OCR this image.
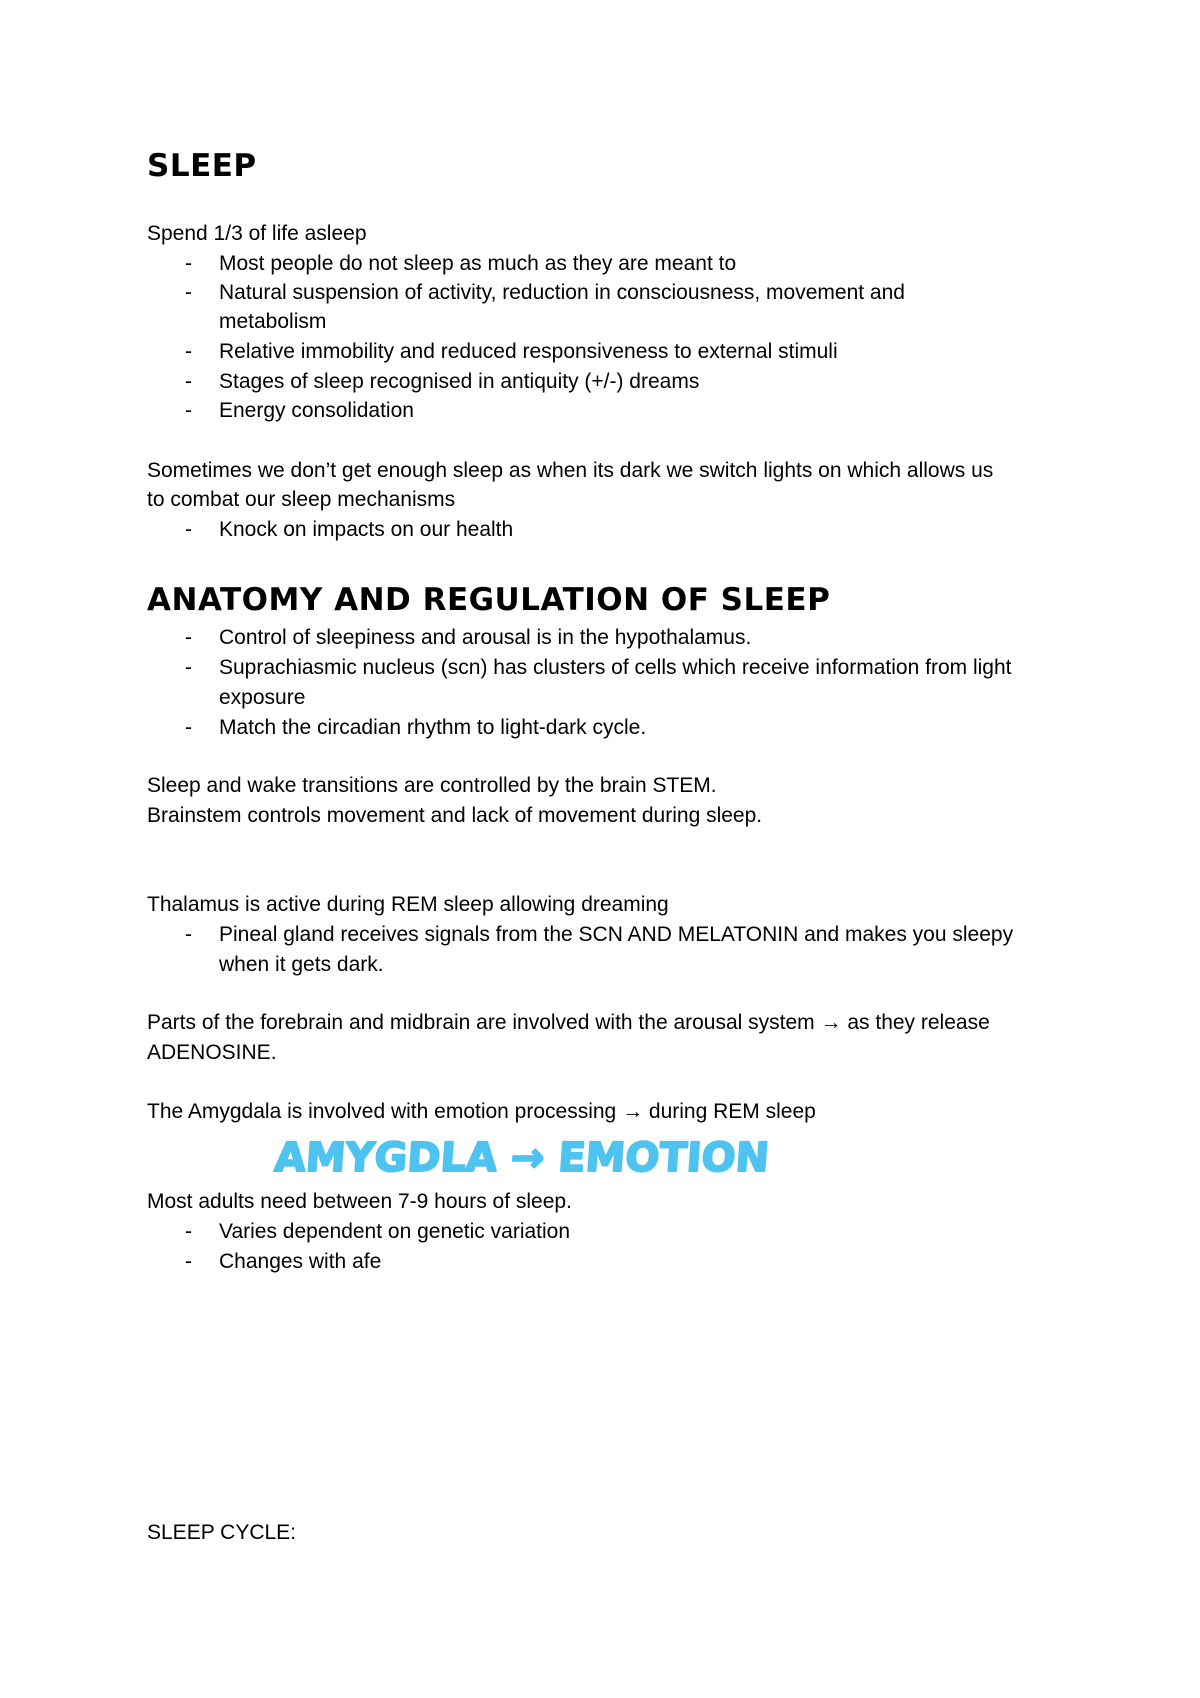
SLEEP

Spend 1/3 of life asleep

- Most people do not sleep as much as they are meant to
- Natural suspension of activity, reduction in consciousness, movement and
metabolism
- Relative immobility and reduced responsiveness to external stimuli
- Stages of sleep recognised in antiquity (+/-) dreams
- Energy consolidation

Sometimes we don’t get enough sleep as when its dark we switch lights on which allows us

to combat our sleep mechanisms

- Knock on impacts on our health
ANATOMY AND REGULATION OF SLEEP
- Control of sleepiness and arousal is in the hypothalamus.
- Suprachiasmic nucleus (scn) has clusters of cells which receive information from light
exposure
- Match the circadian rhythm to light-dark cycle.

Sleep and wake transitions are controlled by the brain STEM.

Brainstem controls movement and lack of movement during sleep.

Thalamus is active during REM sleep allowing dreaming

- Pineal gland receives signals from the SCN AND MELATONIN and makes you sleepy
when it gets dark.

Parts of the forebrain and midbrain are involved with the arousal system → as they release

ADENOSINE.

The Amygdala is involved with emotion processing → during REM sleep

AMYGDLA → EMOTION

Most adults need between 7-9 hours of sleep.

- Varies dependent on genetic variation
- Changes with afe

SLEEP CYCLE:
